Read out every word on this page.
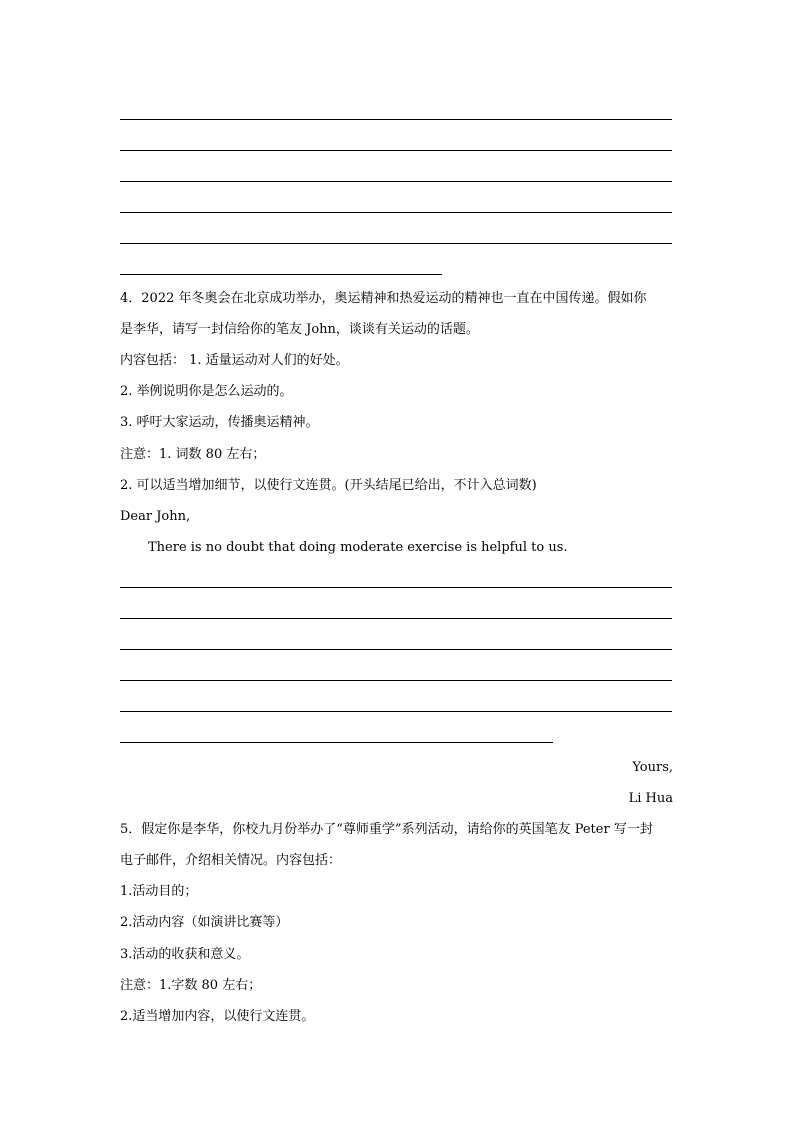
4．2022 年冬奥会在北京成功举办，奥运精神和热爱运动的精神也一直在中国传递。假如你
是李华，请写一封信给你的笔友 John，谈谈有关运动的话题。
内容包括： 1. 适量运动对人们的好处。
2. 举例说明你是怎么运动的。
3. 呼吁大家运动，传播奥运精神。
注意：1. 词数 80 左右；
2. 可以适当增加细节，以使行文连贯。(开头结尾已给出，不计入总词数)
Dear John,
There is no doubt that doing moderate exercise is helpful to us.
Yours,
Li Hua
5．假定你是李华，你校九月份举办了“尊师重学”系列活动，请给你的英国笔友 Peter 写一封
电子邮件，介绍相关情况。内容包括：
1.活动目的；
2.活动内容（如演讲比赛等）
3.活动的收获和意义。
注意：1.字数 80 左右；
2.适当增加内容，以使行文连贯。
